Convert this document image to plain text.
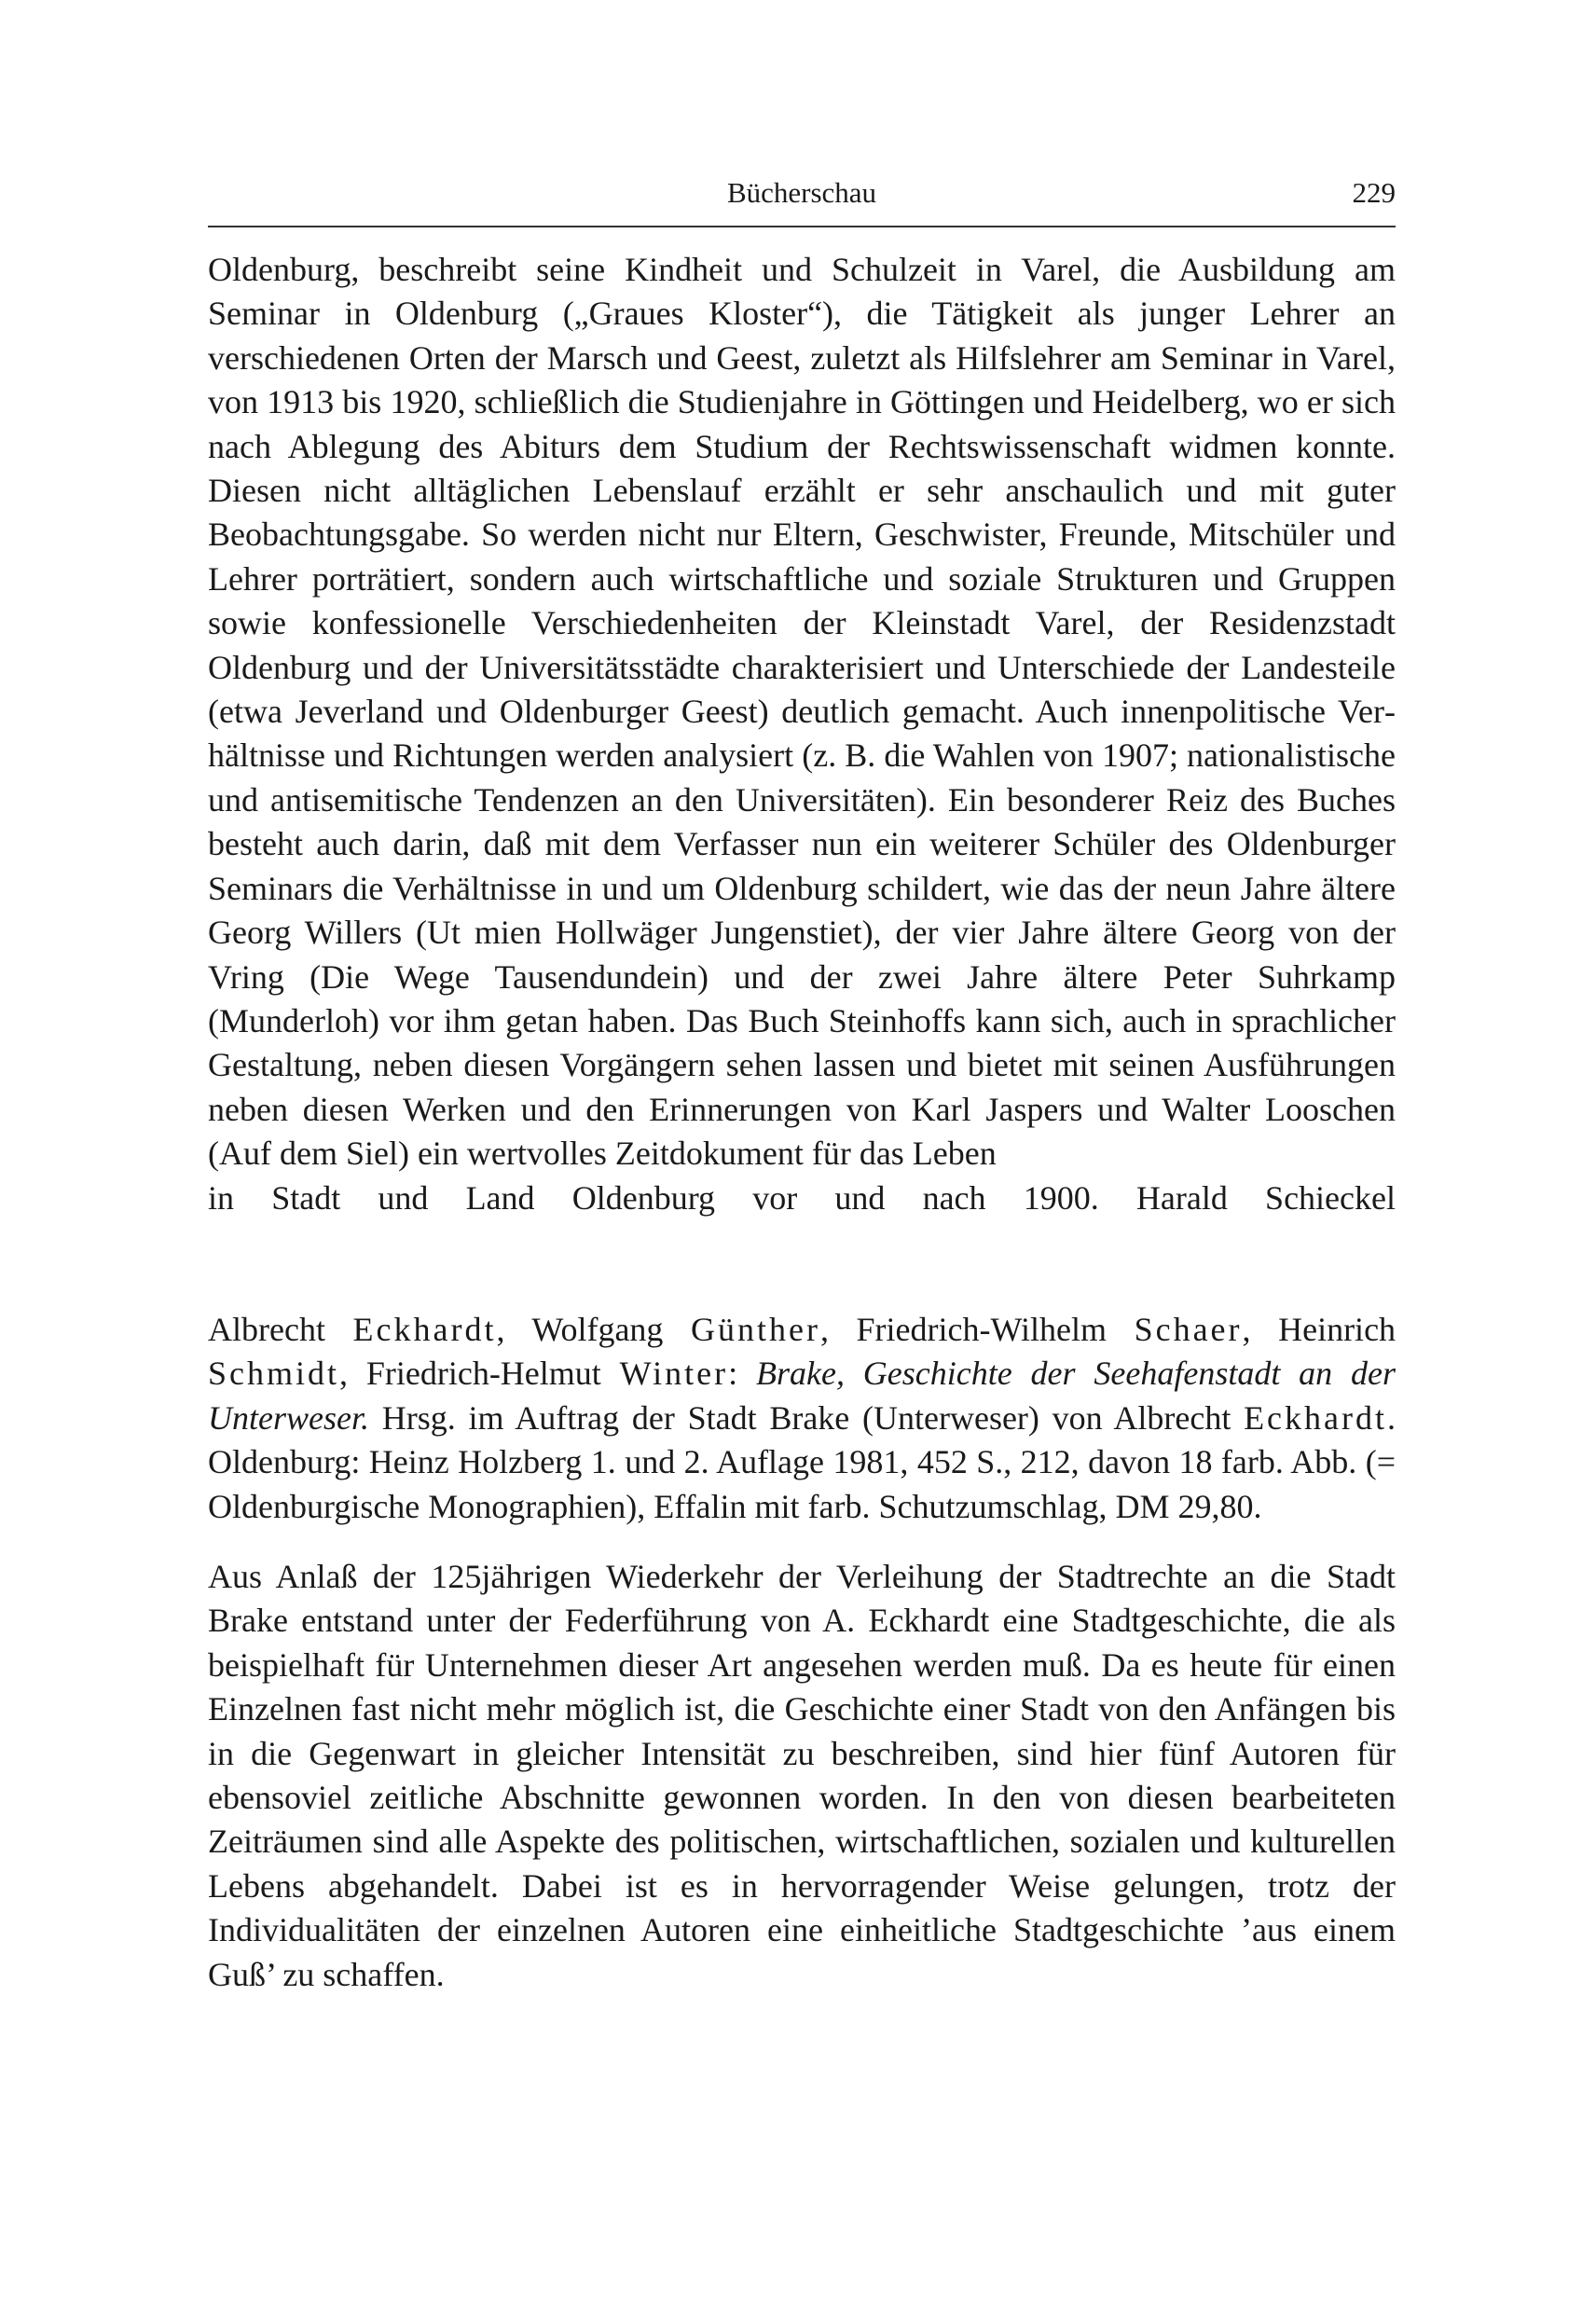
Bücherschau	229

Oldenburg, beschreibt seine Kindheit und Schulzeit in Varel, die Ausbildung am Seminar in Oldenburg („Graues Kloster“), die Tätigkeit als junger Lehrer an verschiedenen Orten der Marsch und Geest, zuletzt als Hilfslehrer am Seminar in Varel, von 1913 bis 1920, schließlich die Studienjahre in Göttingen und Heidelberg, wo er sich nach Ablegung des Abiturs dem Studium der Rechtswissenschaft widmen konnte. Diesen nicht alltäglichen Lebenslauf erzählt er sehr anschaulich und mit guter Beobachtungsgabe. So werden nicht nur Eltern, Geschwister, Freunde, Mitschüler und Lehrer porträtiert, sondern auch wirtschaftliche und soziale Strukturen und Gruppen sowie konfessionelle Verschiedenheiten der Kleinstadt Varel, der Residenzstadt Oldenburg und der Universitätsstädte charakterisiert und Unterschiede der Landesteile (etwa Jeverland und Oldenburger Geest) deutlich gemacht. Auch innenpolitische Verhältnisse und Richtungen werden analysiert (z. B. die Wahlen von 1907; nationalistische und antisemitische Tendenzen an den Universitäten). Ein besonderer Reiz des Buches besteht auch darin, daß mit dem Verfasser nun ein weiterer Schüler des Oldenburger Seminars die Verhältnisse in und um Oldenburg schildert, wie das der neun Jahre ältere Georg Willers (Ut mien Hollwäger Jungenstiet), der vier Jahre ältere Georg von der Vring (Die Wege Tausendundein) und der zwei Jahre ältere Peter Suhrkamp (Munderloh) vor ihm getan haben. Das Buch Steinhoffs kann sich, auch in sprachlicher Gestaltung, neben diesen Vorgängern sehen lassen und bietet mit seinen Ausführungen neben diesen Werken und den Erinnerungen von Karl Jaspers und Walter Looschen (Auf dem Siel) ein wertvolles Zeitdokument für das Leben

in Stadt und Land Oldenburg vor und nach 1900. Harald Schieckel

Albrecht Eckhardt, Wolfgang Günther, Friedrich-Wilhelm Schaer, Heinrich Schmidt, Friedrich-Helmut Winter: Brake, Geschichte der Seehafenstadt an der Unterweser. Hrsg. im Auftrag der Stadt Brake (Unterweser) von Albrecht Eckhardt. Oldenburg: Heinz Holzberg 1. und 2. Auflage 1981, 452 S., 212, davon 18 farb. Abb. (= Oldenburgische Monographien), Effalin mit farb. Schutzumschlag, DM 29,80.

Aus Anlaß der 125jährigen Wiederkehr der Verleihung der Stadtrechte an die Stadt Brake entstand unter der Federführung von A. Eckhardt eine Stadtgeschichte, die als beispielhaft für Unternehmen dieser Art angesehen werden muß. Da es heute für einen Einzelnen fast nicht mehr möglich ist, die Geschichte einer Stadt von den Anfängen bis in die Gegenwart in gleicher Intensität zu beschreiben, sind hier fünf Autoren für ebensoviel zeitliche Abschnitte gewonnen worden. In den von diesen bearbeiteten Zeiträumen sind alle Aspekte des politischen, wirtschaftlichen, sozialen und kulturellen Lebens abgehandelt. Dabei ist es in hervorragender Weise gelungen, trotz der Individualitäten der einzelnen Autoren eine einheitliche Stadtgeschichte ’aus einem Guß’ zu schaffen.
